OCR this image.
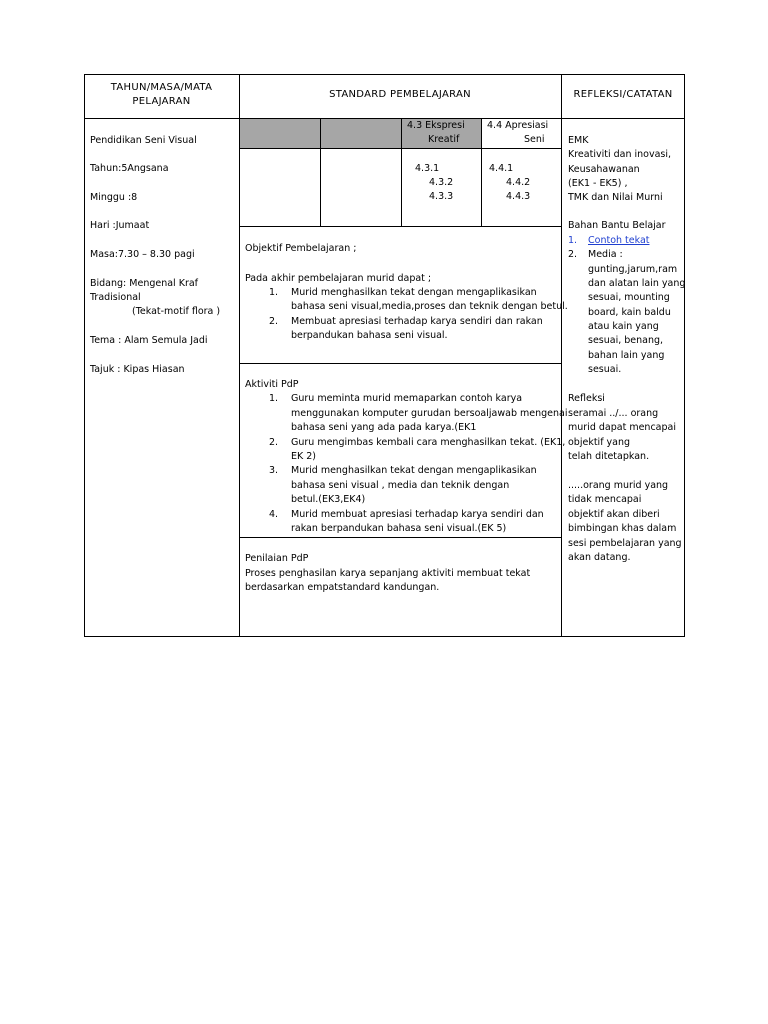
TAHUN/MASA/MATA
PELAJARAN
STANDARD PEMBELAJARAN	REFLEKSI/CATATAN
Pendidikan Seni Visual
Tahun:5Angsana
Minggu :8
Hari :Jumaat
Masa:7.30 – 8.30 pagi
Bidang: Mengenal Kraf
Tradisional
(Tekat-motif flora )
Tema : Alam Semula Jadi
Tajuk : Kipas Hiasan
4.3 Ekspresi
Kreatif
4.4 Apresiasi
Seni
4.3.1
4.3.2
4.3.3
4.4.1
4.4.2
4.4.3
Objektif Pembelajaran ;
Pada akhir pembelajaran murid dapat ;
1. Murid menghasilkan tekat dengan mengaplikasikan
bahasa seni visual,media,proses dan teknik dengan betul.
2. Membuat apresiasi terhadap karya sendiri dan rakan
berpandukan bahasa seni visual.
Aktiviti PdP
1. Guru meminta murid memaparkan contoh karya
menggunakan komputer gurudan bersoaljawab mengenai
bahasa seni yang ada pada karya.(EK1
2. Guru mengimbas kembali cara menghasilkan tekat. (EK1,
EK 2)
3. Murid menghasilkan tekat dengan mengaplikasikan
bahasa seni visual , media dan teknik dengan
betul.(EK3,EK4)
4. Murid membuat apresiasi terhadap karya sendiri dan
rakan berpandukan bahasa seni visual.(EK 5)
Penilaian PdP
Proses penghasilan karya sepanjang aktiviti membuat tekat
berdasarkan empatstandard kandungan.
EMK
Kreativiti dan inovasi,
Keusahawanan
(EK1 - EK5) ,
TMK dan Nilai Murni
Bahan Bantu Belajar
1. Contoh tekat
2. Media :
gunting,jarum,ram
dan alatan lain yang
sesuai, mounting
board, kain baldu
atau kain yang
sesuai, benang,
bahan lain yang
sesuai.
Refleksi
seramai ../... orang
murid dapat mencapai
objektif yang
telah ditetapkan.
.....orang murid yang
tidak mencapai
objektif akan diberi
bimbingan khas dalam
sesi pembelajaran yang
akan datang.
